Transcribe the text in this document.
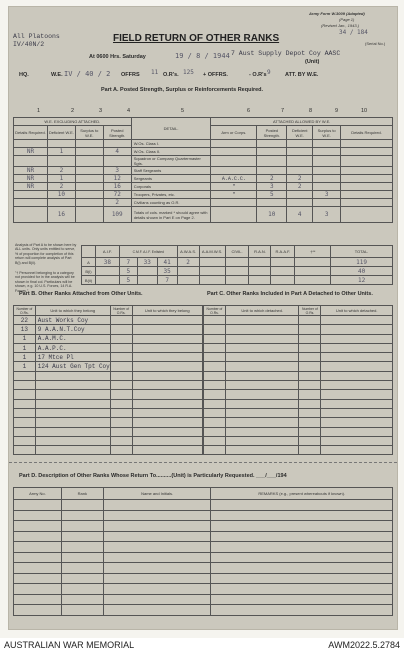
Army Form W.3009 (Adapted)
(Page 1)
(Revised Jan., 1943.)
34 / 184
(Serial No.)
All Platoons
IV/40N/2
FIELD RETURN OF OTHER RANKS
At 0600 Hrs. Saturday	19 / 8 / 1944 7 Aust Supply Depot Coy AASC
(Unit)
HQ.	W.E. IV / 40 / 2 OFFRS 11 O.R's. 125 + OFFRS.	- O.R's 9	ATT. BY W.E.
Part A. Posted Strength, Surplus or Reinforcements Required.
1	2	3	4	5	6	7	8	9	10
W.E. EXCLUDING ATTACHED.				DETAIL.	ATTACHED ALLOWED BY W.E.				
Details Required.	Deficient W.E.	Surplus to W.E.	Posted Strength.		Arm or Corps.	Posted Strength.	Deficient W.E.	Surplus to W.E.	Details Required.
				W.Os. Class I.					
NR	1		4	W.Os. Class II.					
				Squadron or Company Quartermaster Sgts.					
NR	2		3	Staff Sergeants					
NR	1		12	Sergeants	A.A.C.C.	2	2		
NR	2		16	Corporals	"	3	2		
	10		72	Troopers, Privates, etc.	"	5		3	
			2	Civilians counting as O.R.					
	16		109	Totals of cols. marked * should agree with details shown in Part E on Page 2.		10	4	3	
Analysis of Part A to be shown here by ALL units. Only units entitled to serve, % of proportion for completion of this return will complete analysis of Part B(i) and B(ii).
"† Personnel belonging to a category not provided for in the analysis will be shown in final col. Particulars will be shown, e.g. 10 U.S. Forces, 14 R.A. Forces."
	A.I.F.	C.M.F. A.I.F. Enlisted			A.W.A.S.	A.A.M.W.S.	CIVIL.	R.A.N.	R.A.A.F.	†**	TOTAL.
A	38	7	33	41	2						119
B(i)		5		35							40
B(ii)		5		7							12
Part B. Other Ranks Attached from Other Units.	Part C. Other Ranks Included in Part A Detached to Other Units.
Number of O.Rs.	Unit to which they belong	Number of O.Rs.	Unit to which they belong
22	Aust Works Coy		
13	9 A.A.N.T.Coy		
1	A.A.M.C.		
1	A.A.P.C.		
1	17 Mtce Pl		
1	124 Aust Gen Tpt Coy		

Number of O.Rs.	Unit to which detached.	Number of O.Rs.	Unit to which detached.

Part D. Description of Other Ranks Whose Return To..........(Unit) is Particularly Requested. ___/___/194
Army No.	Rank	Name and Initials.	REMARKS (e.g., present whereabouts if known).

AUSTRALIAN WAR MEMORIAL	AWM2022.5.2784
